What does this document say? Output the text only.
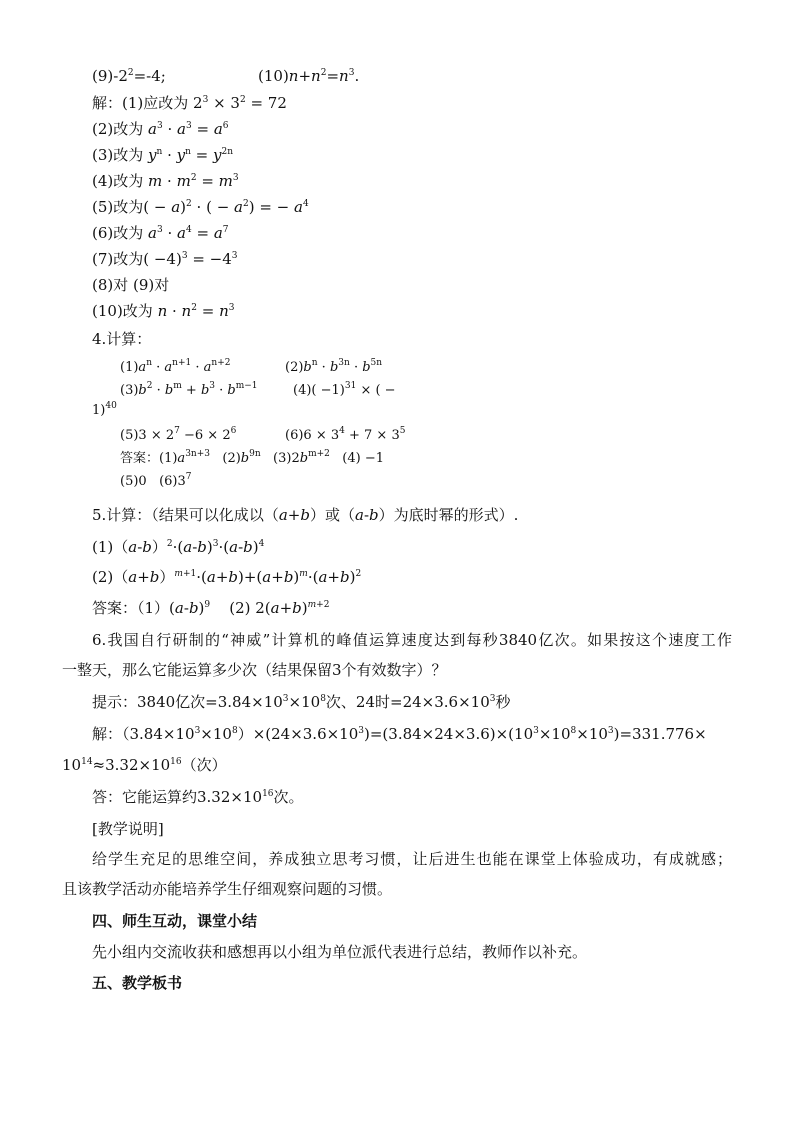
$(9)-2^2=-4$;	$(10)n+n^2=n^3$.
解：(1)应改为 $2^3 \times 3^2 = 72$
(2)改为 $a^3 \cdot a^3 = a^6$
(3)改为 $y^n \cdot y^n = y^{2n}$
(4)改为 $m \cdot m^2 = m^3$
(5)改为( − a)$^2$ · ( − $a^2$) = − $a^4$
(6)改为 $a^3 \cdot a^4 = a^7$
(7)改为( $-4)^3 = -4^3$
(8)对 (9)对
(10)改为 $n \cdot n^2 = n^3$
4.计算：
$(1)a^n \cdot a^{n+1} \cdot a^{n+2}$	$(2)b^n \cdot b^{3n} \cdot b^{5n}$
$(3)b^2 \cdot b^m + b^3 \cdot b^{m-1}$	$(4)( -1)^{31}$ × ( −
1)$^{40}$
$(5)3 \times 2^7 -6 \times 2^6$	$(6)6 \times 3^4 + 7 \times 3^5$
答案：$(1)a^{3n+3}$   $(2)b^{9n}$   $(3)2b^{m+2}$   (4) −1
(5)0   $(6)3^7$
5.计算：（结果可以化成以（a+b）或（a-b）为底时幂的形式）.
$(1)(a-b)^2\cdot(a-b)^3\cdot(a-b)^4$
$(2)(a+b)^{m+1}\cdot(a+b)+(a+b)^m\cdot(a+b)^2$
答案：$(1)(a-b)^9$    (2) $2(a+b)^{m+2}$
6.我国自行研制的“神威”计算机的峰值运算速度达到每秒3840亿次。如果按这个速度工作
一整天，那么它能运算多少次（结果保留3个有效数字）？
提示：3840亿次$=3.84\times 10^3\times 10^8$次、24时$=24\times 3.6\times 10^3$秒
解：$(3.84\times 10^3\times 10^8)\times(24\times 3.6\times 10^3)=(3.84\times 24\times 3.6)\times(10^3\times 10^8\times 10^3)=331.776\times$
$10^{14}\approx 3.32\times 10^{16}$（次）
答：它能运算约$3.32\times 10^{16}$次。
[教学说明]
给学生充足的思维空间，养成独立思考习惯，让后进生也能在课堂上体验成功，有成就感；
且该教学活动亦能培养学生仔细观察问题的习惯。
四、师生互动，课堂小结
先小组内交流收获和感想再以小组为单位派代表进行总结，教师作以补充。
五、教学板书
